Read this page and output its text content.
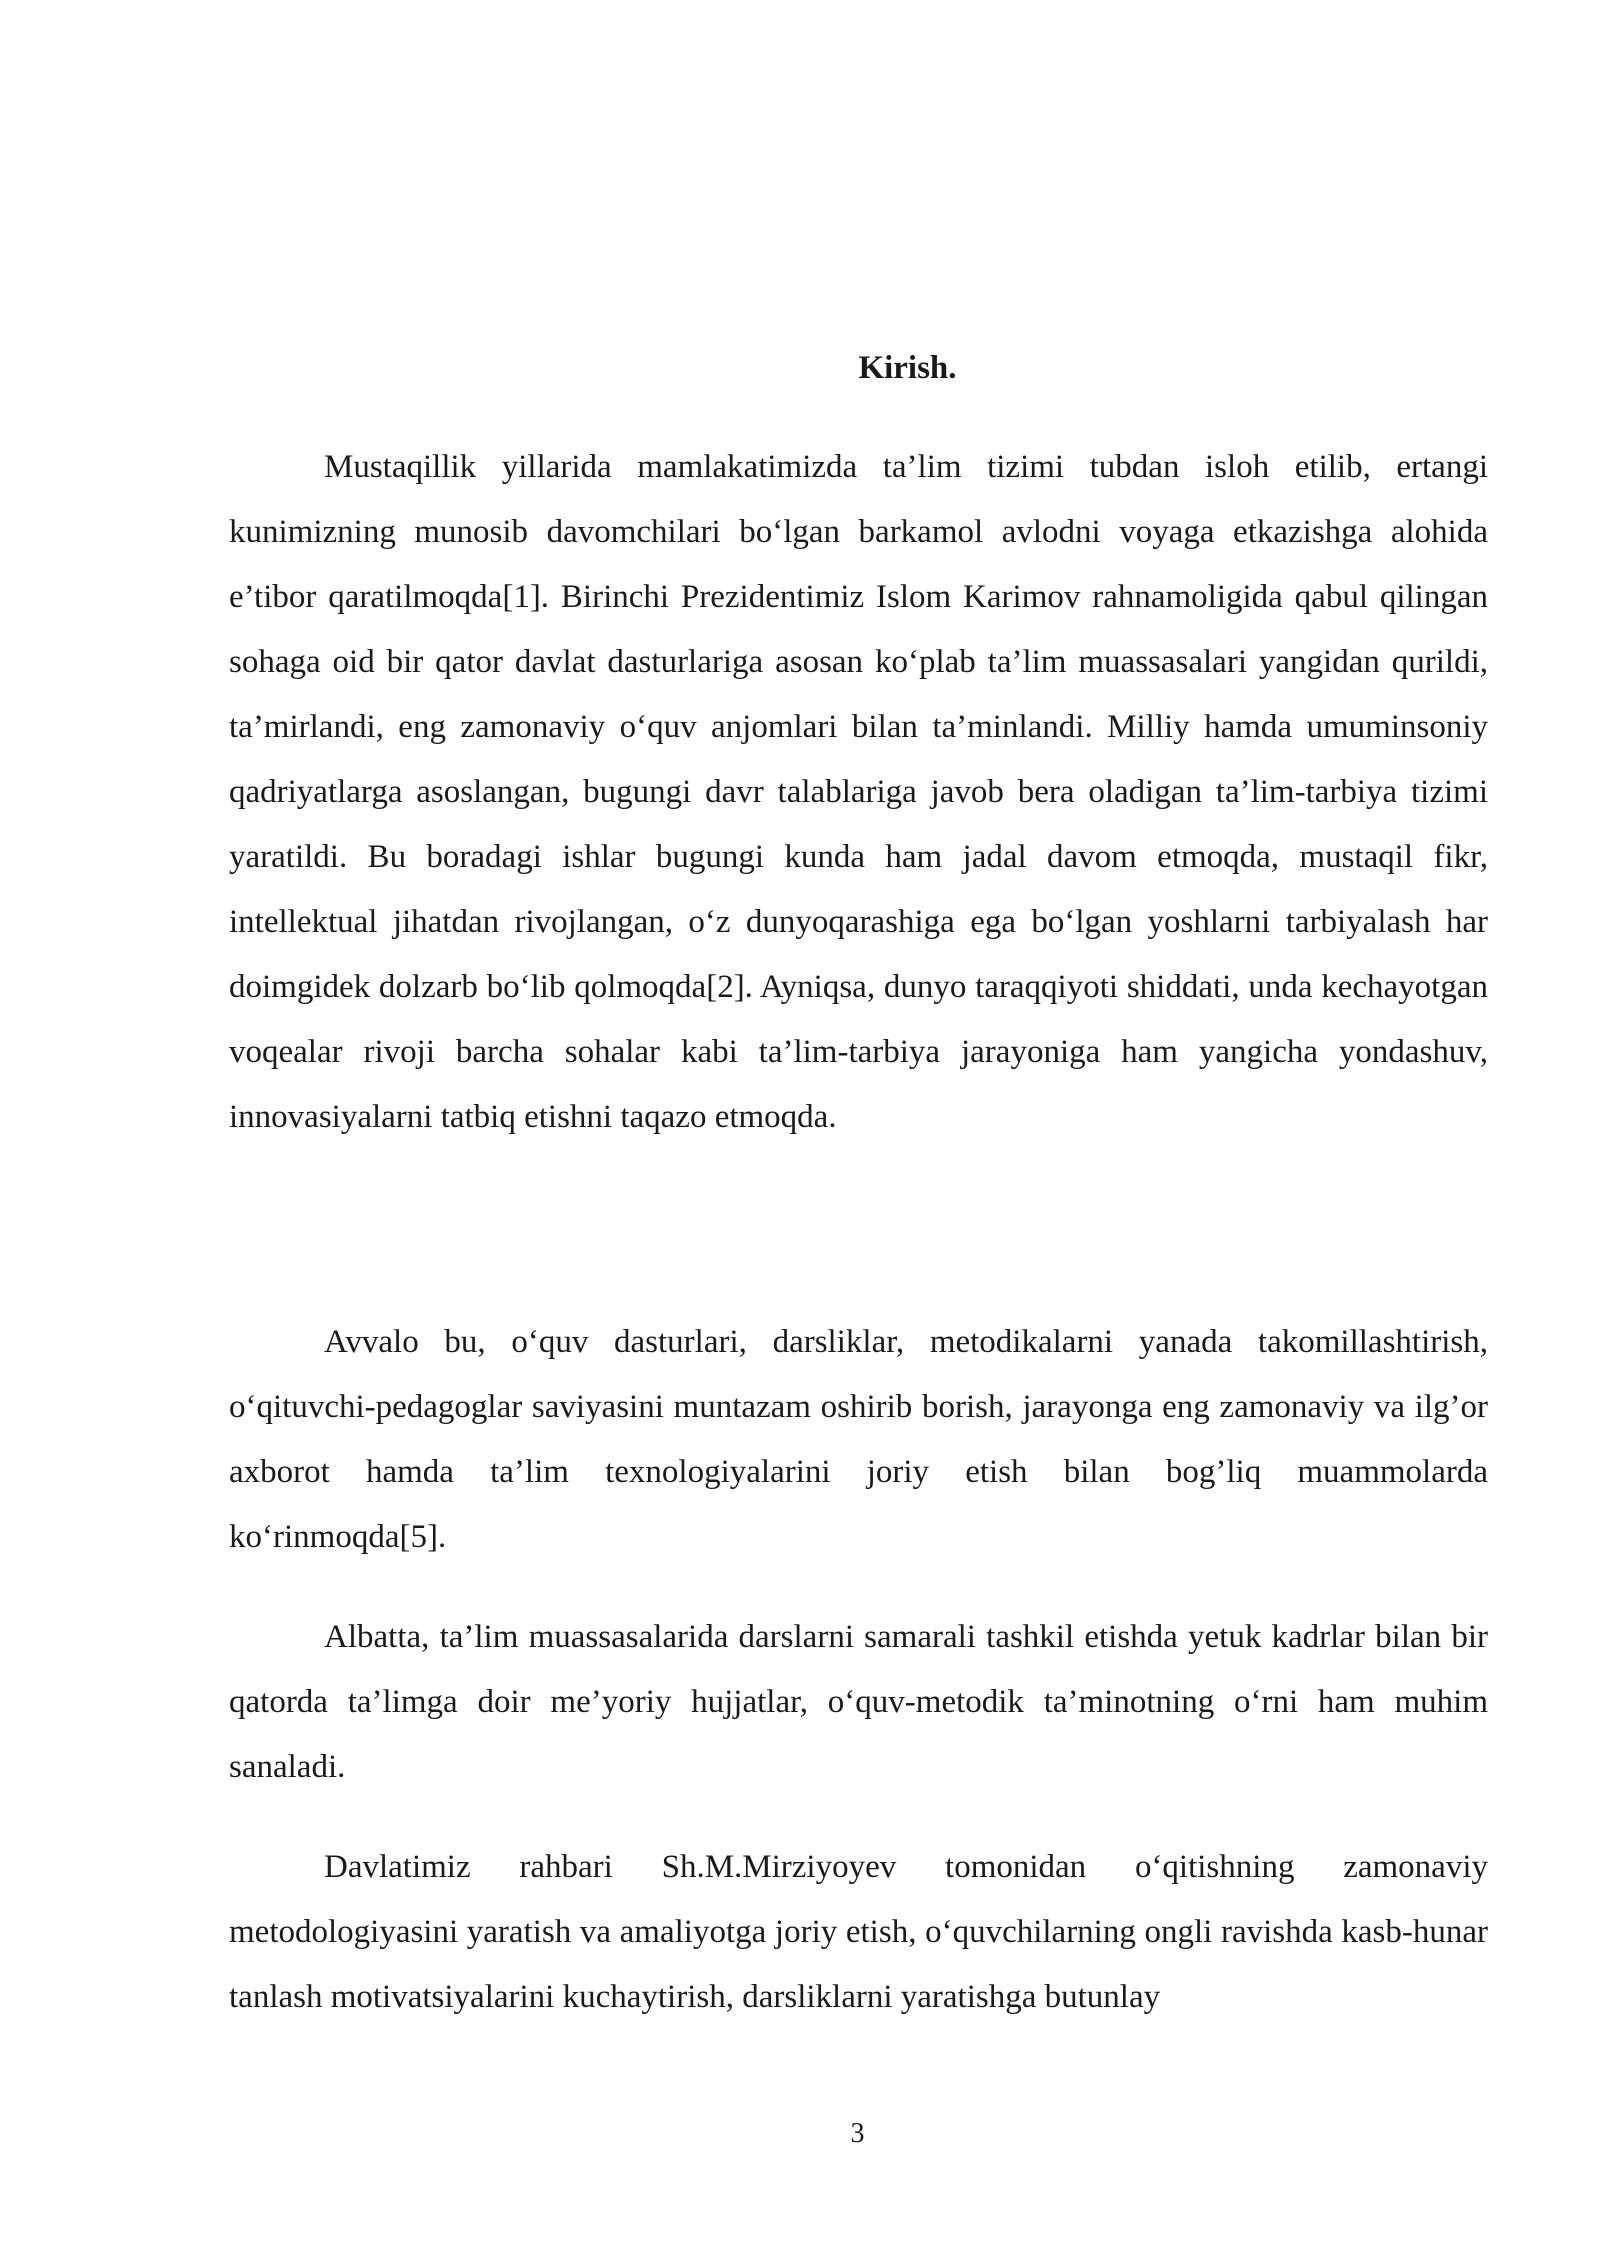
Kirish.

Mustaqillik yillarida mamlakatimizda ta’lim tizimi tubdan isloh etilib, ertangi kunimizning munosib davomchilari bo‘lgan barkamol avlodni voyaga etkazishga alohida e’tibor qaratilmoqda[1]. Birinchi Prezidentimiz Islom Karimov rahnamoligida qabul qilingan sohaga oid bir qator davlat dasturlariga asosan ko‘plab ta’lim muassasalari yangidan qurildi, ta’mirlandi, eng zamonaviy o‘quv anjomlari bilan ta’minlandi. Milliy hamda umuminsoniy qadriyatlarga asoslangan, bugungi davr talablariga javob bera oladigan ta’lim-tarbiya tizimi yaratildi. Bu boradagi ishlar bugungi kunda ham jadal davom etmoqda, mustaqil fikr, intellektual jihatdan rivojlangan, o‘z dunyoqarashiga ega bo‘lgan yoshlarni tarbiyalash har doimgidek dolzarb bo‘lib qolmoqda[2]. Ayniqsa, dunyo taraqqiyoti shiddati, unda kechayotgan voqealar rivoji barcha sohalar kabi ta’lim-tarbiya jarayoniga ham yangicha yondashuv, innovasiyalarni tatbiq etishni taqazo etmoqda.

Avvalo bu, o‘quv dasturlari, darsliklar, metodikalarni yanada takomillashtirish, o‘qituvchi-pedagoglar saviyasini muntazam oshirib borish, jarayonga eng zamonaviy va ilg’or axborot hamda ta’lim texnologiyalarini joriy etish bilan bog’liq muammolarda ko‘rinmoqda[5].

Albatta, ta’lim muassasalarida darslarni samarali tashkil etishda yetuk kadrlar bilan bir qatorda ta’limga doir me’yoriy hujjatlar, o‘quv-metodik ta’minotning o‘rni ham muhim sanaladi.

Davlatimiz rahbari Sh.M.Mirziyoyev tomonidan o‘qitishning zamonaviy metodologiyasini yaratish va amaliyotga joriy etish, o‘quvchilarning ongli ravishda kasb-hunar tanlash motivatsiyalarini kuchaytirish, darsliklarni yaratishga butunlay

3
